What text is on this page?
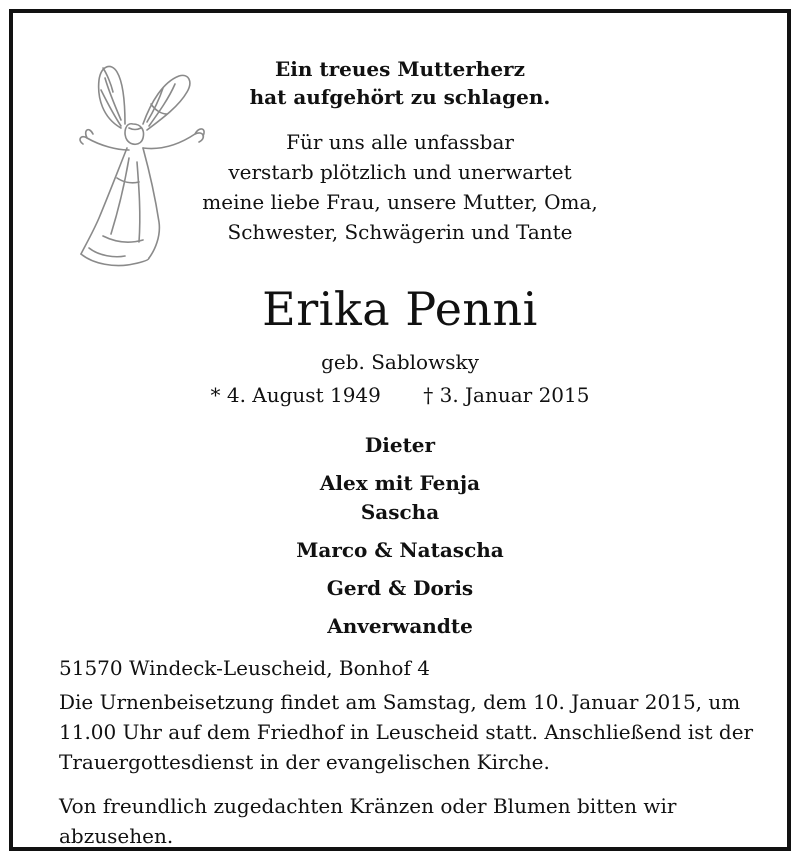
Ein treues Mutterherz
hat aufgehört zu schlagen.
Für uns alle unfassbar
verstarb plötzlich und unerwartet
meine liebe Frau, unsere Mutter, Oma,
Schwester, Schwägerin und Tante
Erika Penni
geb. Sablowsky
* 4. August 1949 † 3. Januar 2015
Dieter
Alex mit Fenja
Sascha
Marco & Natascha
Gerd & Doris
Anverwandte
51570 Windeck-Leuscheid, Bonhof 4
Die Urnenbeisetzung findet am Samstag, dem 10. Januar 2015, um
11.00 Uhr auf dem Friedhof in Leuscheid statt. Anschließend ist der
Trauergottesdienst in der evangelischen Kirche.
Von freundlich zugedachten Kränzen oder Blumen bitten wir abzusehen.
